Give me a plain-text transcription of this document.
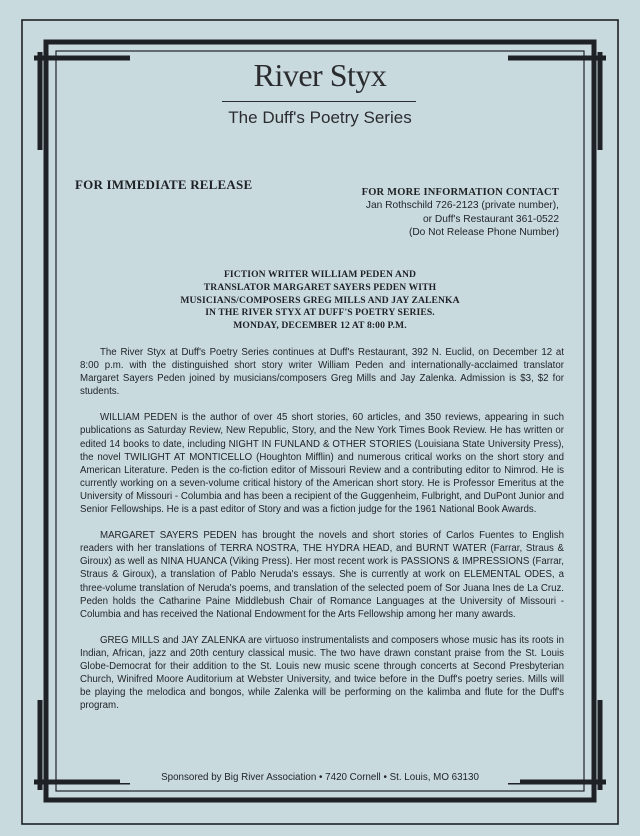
River Styx
The Duff's Poetry Series
FOR IMMEDIATE RELEASE
FOR MORE INFORMATION CONTACT
Jan Rothschild 726-2123 (private number),
or Duff's Restaurant 361-0522
(Do Not Release Phone Number)
FICTION WRITER WILLIAM PEDEN AND
TRANSLATOR MARGARET SAYERS PEDEN WITH
MUSICIANS/COMPOSERS GREG MILLS AND JAY ZALENKA
IN THE RIVER STYX AT DUFF'S POETRY SERIES.
MONDAY, DECEMBER 12 AT 8:00 P.M.

The River Styx at Duff's Poetry Series continues at Duff's Restaurant, 392 N. Euclid, on December 12 at 8:00 p.m. with the distinguished short story writer William Peden and internationally-acclaimed translator Margaret Sayers Peden joined by musicians/composers Greg Mills and Jay Zalenka. Admission is $3, $2 for students.

WILLIAM PEDEN is the author of over 45 short stories, 60 articles, and 350 reviews, appearing in such publications as Saturday Review, New Republic, Story, and the New York Times Book Review. He has written or edited 14 books to date, including NIGHT IN FUNLAND & OTHER STORIES (Louisiana State University Press), the novel TWILIGHT AT MONTICELLO (Houghton Mifflin) and numerous critical works on the short story and American Literature. Peden is the co-fiction editor of Missouri Review and a contributing editor to Nimrod. He is currently working on a seven-volume critical history of the American short story. He is Professor Emeritus at the University of Missouri - Columbia and has been a recipient of the Guggenheim, Fulbright, and DuPont Junior and Senior Fellowships. He is a past editor of Story and was a fiction judge for the 1961 National Book Awards.

MARGARET SAYERS PEDEN has brought the novels and short stories of Carlos Fuentes to English readers with her translations of TERRA NOSTRA, THE HYDRA HEAD, and BURNT WATER (Farrar, Straus & Giroux) as well as NINA HUANCA (Viking Press). Her most recent work is PASSIONS & IMPRESSIONS (Farrar, Straus & Giroux), a translation of Pablo Neruda's essays. She is currently at work on ELEMENTAL ODES, a three-volume translation of Neruda's poems, and translation of the selected poem of Sor Juana Ines de La Cruz. Peden holds the Catharine Paine Middlebush Chair of Romance Languages at the University of Missouri - Columbia and has received the National Endowment for the Arts Fellowship among her many awards.

GREG MILLS and JAY ZALENKA are virtuoso instrumentalists and composers whose music has its roots in Indian, African, jazz and 20th century classical music. The two have drawn constant praise from the St. Louis Globe-Democrat for their addition to the St. Louis new music scene through concerts at Second Presbyterian Church, Winifred Moore Auditorium at Webster University, and twice before in the Duff's poetry series. Mills will be playing the melodica and bongos, while Zalenka will be performing on the kalimba and flute for the Duff's program.

Sponsored by Big River Association • 7420 Cornell • St. Louis, MO 63130
